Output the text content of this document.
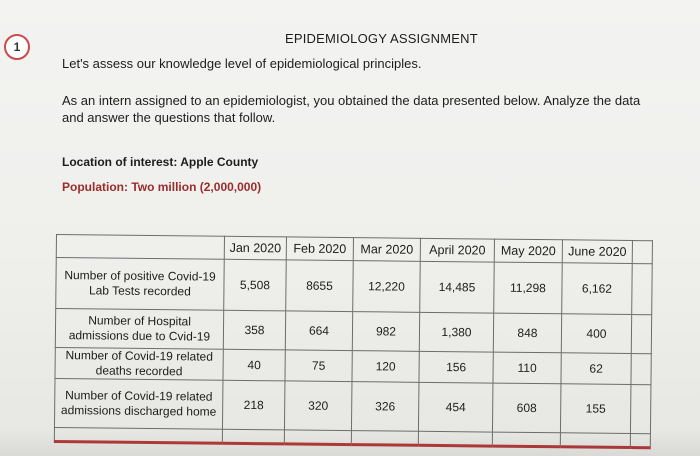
1
EPIDEMIOLOGY ASSIGNMENT
Let's assess our knowledge level of epidemiological principles.
As an intern assigned to an epidemiologist, you obtained the data presented below. Analyze the data and answer the questions that follow.
Location of interest: Apple County
Population: Two million (2,000,000)
	Jan 2020	Feb 2020	Mar 2020	April 2020	May 2020	June 2020	
Number of positive Covid-19 Lab Tests recorded	5,508	8655	12,220	14,485	11,298	6,162	
Number of Hospital admissions due to Cvid-19	358	664	982	1,380	848	400	
Number of Covid-19 related deaths recorded	40	75	120	156	110	62	
Number of Covid-19 related admissions discharged home	218	320	326	454	608	155	
